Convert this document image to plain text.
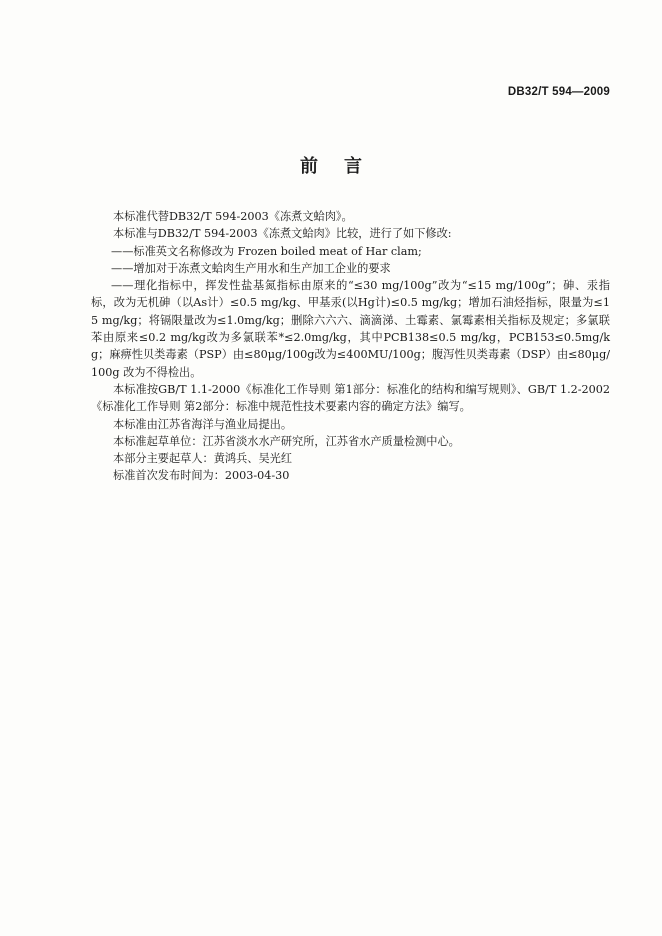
DB32/T 594—2009
前言

本标准代替DB32/T 594-2003《冻煮文蛤肉》。

本标准与DB32/T 594-2003《冻煮文蛤肉》比较，进行了如下修改:

——标准英文名称修改为 Frozen boiled meat of Har clam;

——增加对于冻煮文蛤肉生产用水和生产加工企业的要求

——理化指标中，挥发性盐基氮指标由原来的“≤30 mg/100g”改为“≤15 mg/100g”；砷、汞指标，改为无机砷（以As计）≤0.5 mg/kg、甲基汞(以Hg计)≤0.5 mg/kg；增加石油烃指标，限量为≤15 mg/kg；将镉限量改为≤1.0mg/kg；删除六六六、滴滴涕、土霉素、氯霉素相关指标及规定；多氯联苯由原来≤0.2 mg/kg改为多氯联苯*≤2.0mg/kg，其中PCB138≤0.5 mg/kg，PCB153≤0.5mg/kg；麻痹性贝类毒素（PSP）由≤80μg/100g改为≤400MU/100g；腹泻性贝类毒素（DSP）由≤80μg/100g 改为不得检出。

本标准按GB/T 1.1-2000《标准化工作导则 第1部分：标准化的结构和编写规则》、GB/T 1.2-2002《标准化工作导则 第2部分：标准中规范性技术要素内容的确定方法》编写。

本标准由江苏省海洋与渔业局提出。

本标准起草单位：江苏省淡水水产研究所，江苏省水产质量检测中心。

本部分主要起草人：黄鸿兵、吴光红

标准首次发布时间为：2003-04-30
